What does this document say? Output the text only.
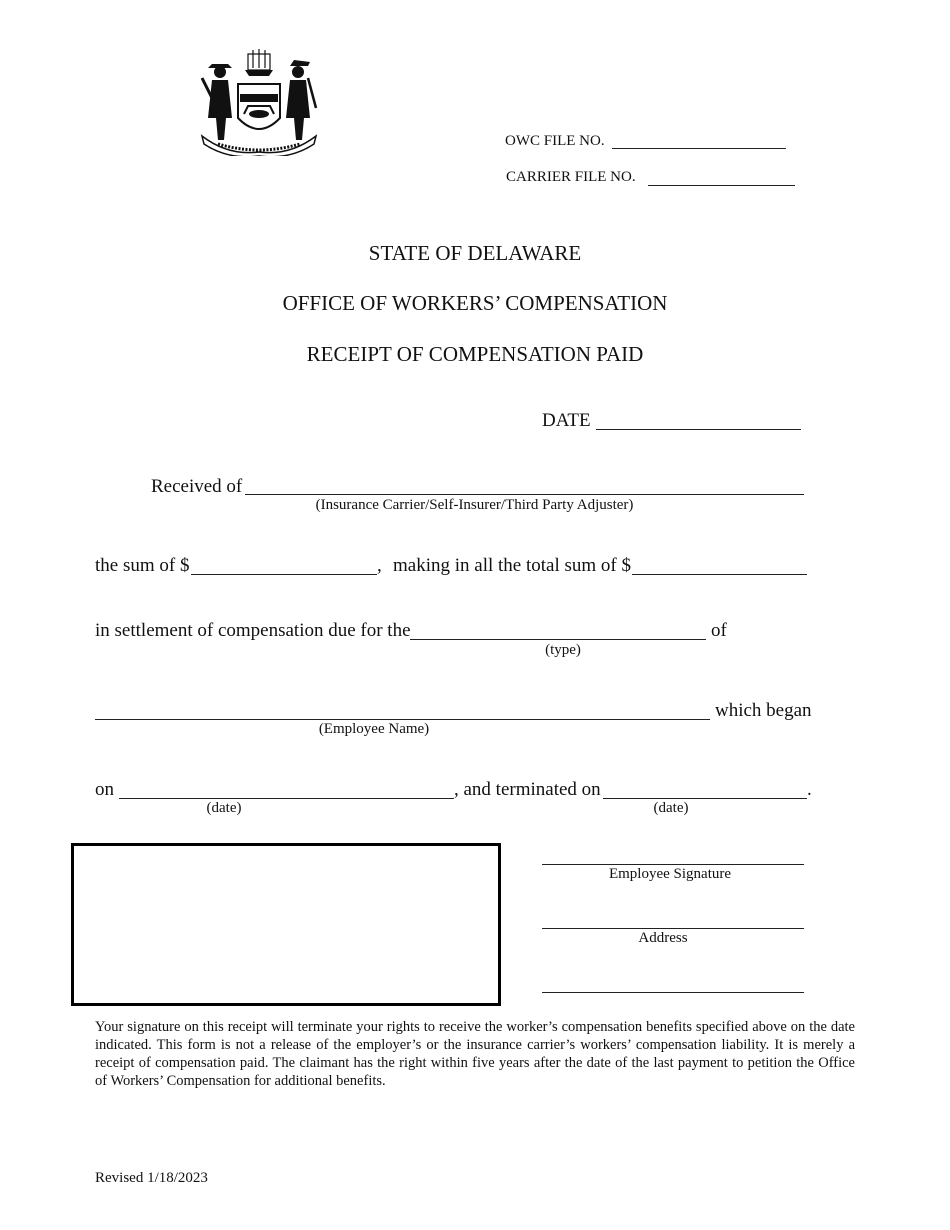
OWC FILE NO.
CARRIER FILE NO.
STATE OF DELAWARE
OFFICE OF WORKERS’ COMPENSATION
RECEIPT OF COMPENSATION PAID
DATE
Received of
(Insurance Carrier/Self-Insurer/Third Party Adjuster)
the sum of $	, making in all the total sum of $
in settlement of compensation due for the	of
(type)
which began
(Employee Name)
on	, and terminated on	.
(date)	(date)
Employee Signature
Address
Your signature on this receipt will terminate your rights to receive the worker’s compensation benefits specified above on the date indicated. This form is not a release of the employer’s or the insurance carrier’s workers’ compensation liability. It is merely a receipt of compensation paid. The claimant has the right within five years after the date of the last payment to petition the Office of Workers’ Compensation for additional benefits.
Revised 1/18/2023
